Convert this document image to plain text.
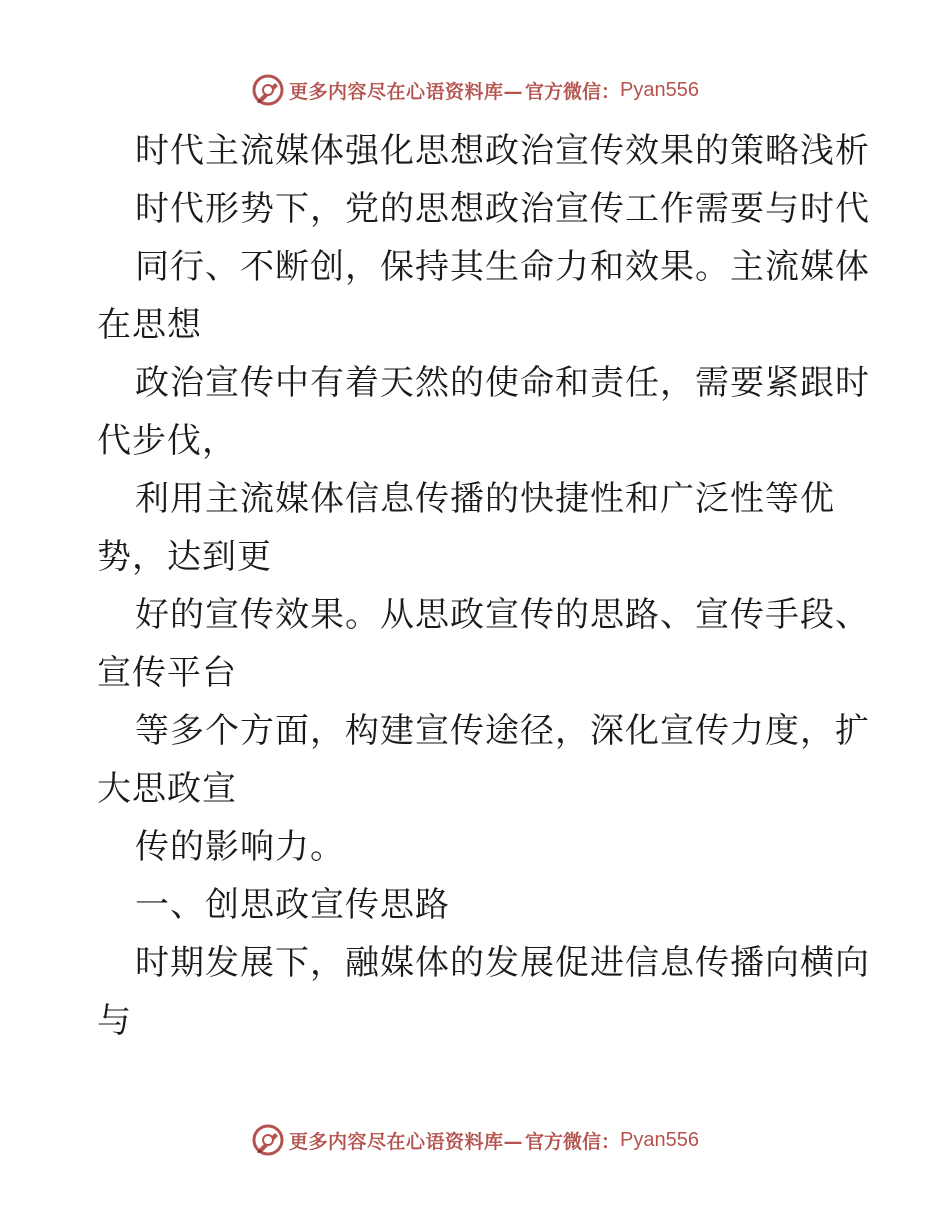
更多内容尽在心语资料库— 官方微信： Pyan556
时代主流媒体强化思想政治宣传效果的策略浅析
时代形势下，党的思想政治宣传工作需要与时代
同行、不断创，保持其生命力和效果。主流媒体
在思想
政治宣传中有着天然的使命和责任，需要紧跟时
代步伐，
利用主流媒体信息传播的快捷性和广泛性等优
势，达到更
好的宣传效果。从思政宣传的思路、宣传手段、
宣传平台
等多个方面，构建宣传途径，深化宣传力度，扩
大思政宣
传的影响力。
一、创思政宣传思路
时期发展下，融媒体的发展促进信息传播向横向
与
更多内容尽在心语资料库— 官方微信： Pyan556
